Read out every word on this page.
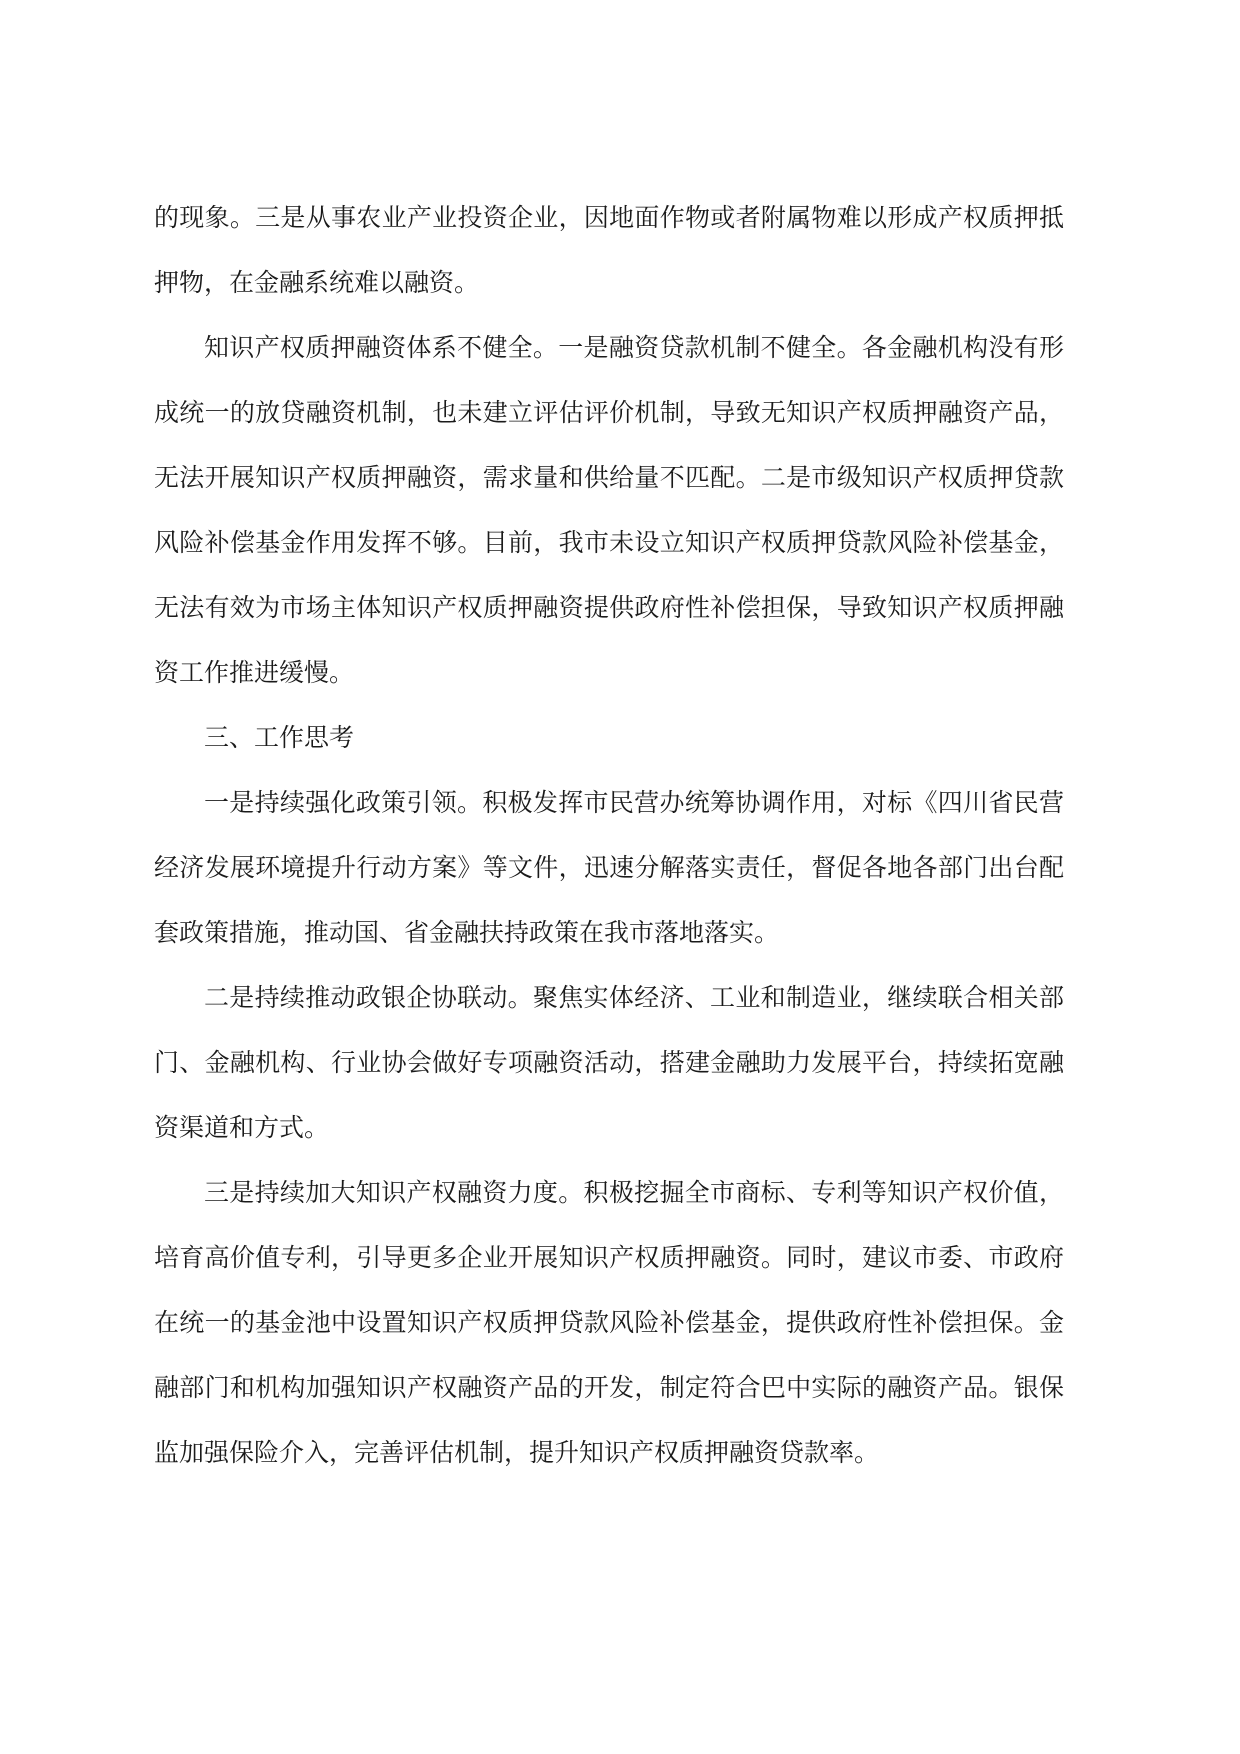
的现象。三是从事农业产业投资企业，因地面作物或者附属物难以形成产权质押抵押物，在金融系统难以融资。

知识产权质押融资体系不健全。一是融资贷款机制不健全。各金融机构没有形成统一的放贷融资机制，也未建立评估评价机制，导致无知识产权质押融资产品，无法开展知识产权质押融资，需求量和供给量不匹配。二是市级知识产权质押贷款风险补偿基金作用发挥不够。目前，我市未设立知识产权质押贷款风险补偿基金，无法有效为市场主体知识产权质押融资提供政府性补偿担保，导致知识产权质押融资工作推进缓慢。

三、工作思考

一是持续强化政策引领。积极发挥市民营办统筹协调作用，对标《四川省民营经济发展环境提升行动方案》等文件，迅速分解落实责任，督促各地各部门出台配套政策措施，推动国、省金融扶持政策在我市落地落实。

二是持续推动政银企协联动。聚焦实体经济、工业和制造业，继续联合相关部门、金融机构、行业协会做好专项融资活动，搭建金融助力发展平台，持续拓宽融资渠道和方式。

三是持续加大知识产权融资力度。积极挖掘全市商标、专利等知识产权价值，培育高价值专利，引导更多企业开展知识产权质押融资。同时，建议市委、市政府在统一的基金池中设置知识产权质押贷款风险补偿基金，提供政府性补偿担保。金融部门和机构加强知识产权融资产品的开发，制定符合巴中实际的融资产品。银保监加强保险介入，完善评估机制，提升知识产权质押融资贷款率。
